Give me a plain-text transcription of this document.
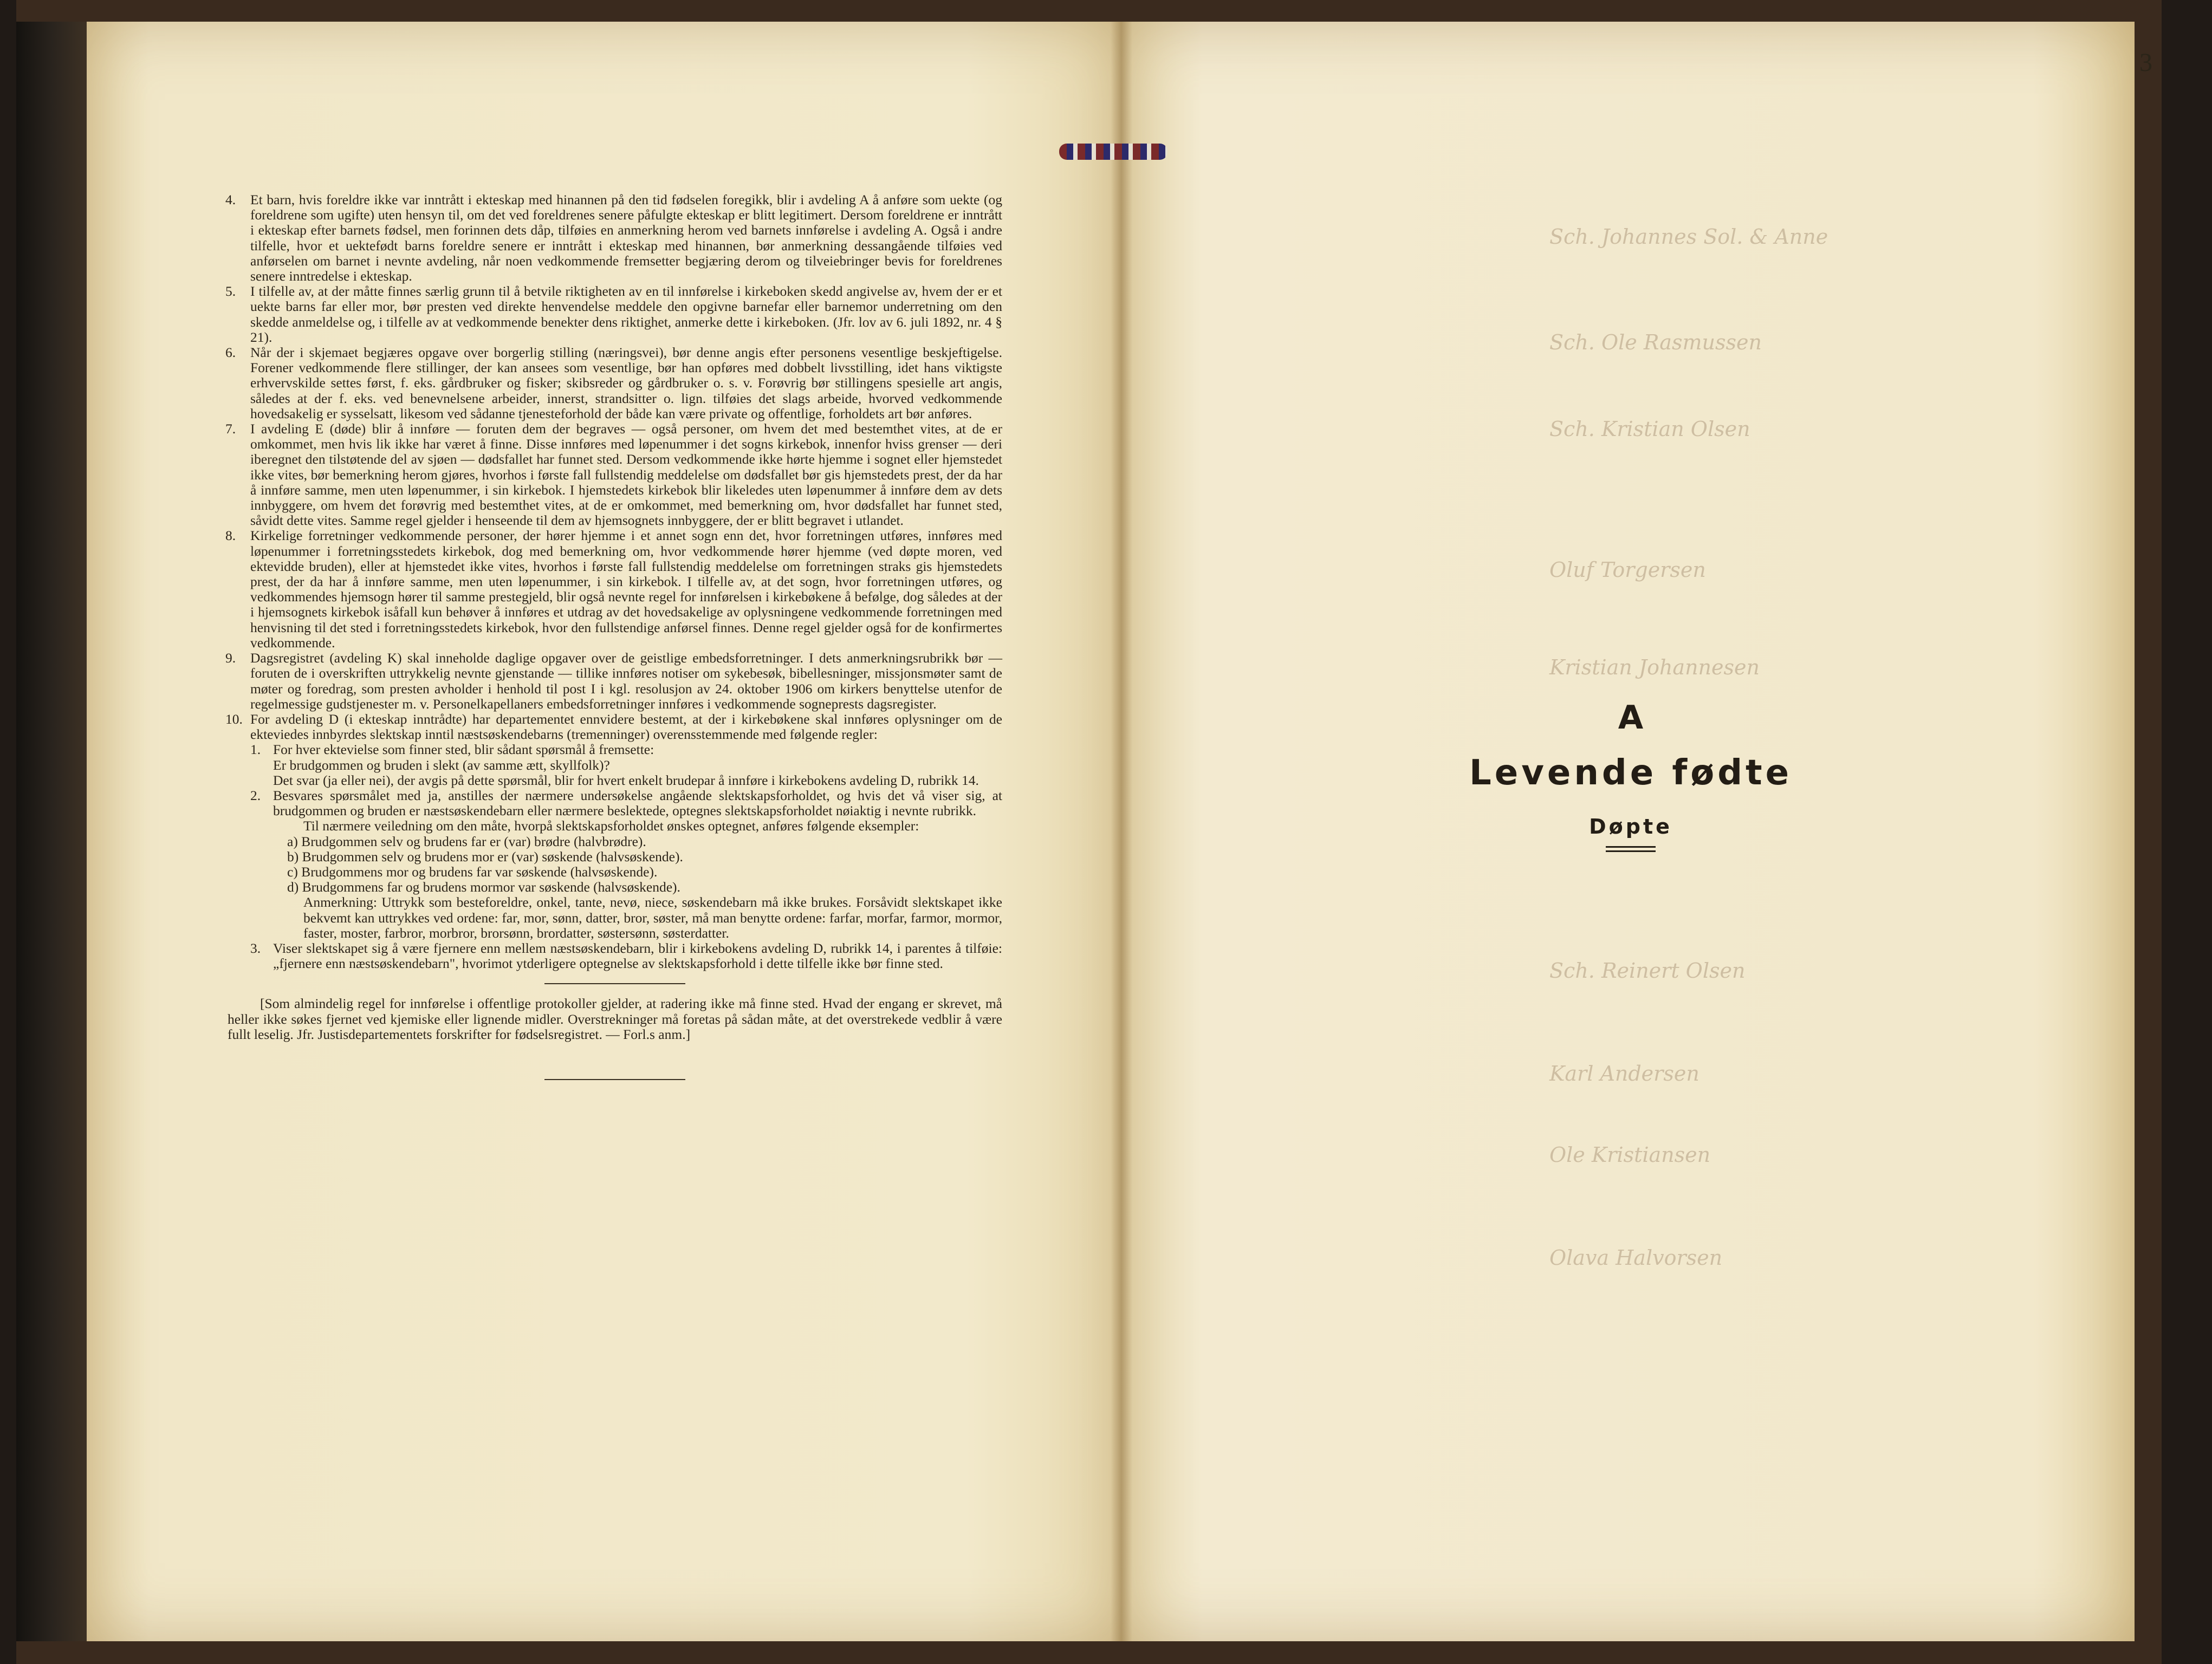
Sch. Johannes Sol. & Anne
Sch. Ole Rasmussen
Sch. Kristian Olsen
Oluf Torgersen
Kristian Johannesen
Sch. Reinert Olsen
Karl Andersen
Ole Kristiansen
Olava Halvorsen
3

4. Et barn, hvis foreldre ikke var inntrått i ekteskap med hinannen på den tid fødselen foregikk, blir i avdeling A å anføre som uekte (og foreldrene som ugifte) uten hensyn til, om det ved foreldrenes senere påfulgte ekteskap er blitt legitimert. Dersom foreldrene er inntrått i ekteskap efter barnets fødsel, men forinnen dets dåp, tilføies en anmerkning herom ved barnets innførelse i avdeling A. Også i andre tilfelle, hvor et uektefødt barns foreldre senere er inntrått i ekteskap med hinannen, bør anmerkning dessangående tilføies ved anførselen om barnet i nevnte avdeling, når noen vedkommende fremsetter begjæring derom og tilveiebringer bevis for foreldrenes senere inntredelse i ekteskap.

5. I tilfelle av, at der måtte finnes særlig grunn til å betvile riktigheten av en til innførelse i kirkeboken skedd angivelse av, hvem der er et uekte barns far eller mor, bør presten ved direkte henvendelse meddele den opgivne barnefar eller barnemor underretning om den skedde anmeldelse og, i tilfelle av at vedkommende benekter dens riktighet, anmerke dette i kirkeboken. (Jfr. lov av 6. juli 1892, nr. 4 § 21).

6. Når der i skjemaet begjæres opgave over borgerlig stilling (næringsvei), bør denne angis efter personens vesentlige beskjeftigelse. Forener vedkommende flere stillinger, der kan ansees som vesentlige, bør han opføres med dobbelt livsstilling, idet hans viktigste erhvervskilde settes først, f. eks. gårdbruker og fisker; skibsreder og gårdbruker o. s. v. Forøvrig bør stillingens spesielle art angis, således at der f. eks. ved benevnelsene arbeider, innerst, strandsitter o. lign. tilføies det slags arbeide, hvorved vedkommende hovedsakelig er sysselsatt, likesom ved sådanne tjenesteforhold der både kan være private og offentlige, forholdets art bør anføres.

7. I avdeling E (døde) blir å innføre — foruten dem der begraves — også personer, om hvem det med bestemthet vites, at de er omkommet, men hvis lik ikke har været å finne. Disse innføres med løpenummer i det sogns kirkebok, innenfor hviss grenser — deri iberegnet den tilstøtende del av sjøen — dødsfallet har funnet sted. Dersom vedkommende ikke hørte hjemme i sognet eller hjemstedet ikke vites, bør bemerkning herom gjøres, hvorhos i første fall fullstendig meddelelse om dødsfallet bør gis hjemstedets prest, der da har å innføre samme, men uten løpenummer, i sin kirkebok. I hjemstedets kirkebok blir likeledes uten løpenummer å innføre dem av dets innbyggere, om hvem det forøvrig med bestemthet vites, at de er omkommet, med bemerkning om, hvor dødsfallet har funnet sted, såvidt dette vites. Samme regel gjelder i henseende til dem av hjemsognets innbyggere, der er blitt begravet i utlandet.

8. Kirkelige forretninger vedkommende personer, der hører hjemme i et annet sogn enn det, hvor forretningen utføres, innføres med løpenummer i forretningsstedets kirkebok, dog med bemerkning om, hvor vedkommende hører hjemme (ved døpte moren, ved ektevidde bruden), eller at hjemstedet ikke vites, hvorhos i første fall fullstendig meddelelse om forretningen straks gis hjemstedets prest, der da har å innføre samme, men uten løpenummer, i sin kirkebok. I tilfelle av, at det sogn, hvor forretningen utføres, og vedkommendes hjemsogn hører til samme prestegjeld, blir også nevnte regel for innførelsen i kirkebøkene å befølge, dog således at der i hjemsognets kirkebok isåfall kun behøver å innføres et utdrag av det hovedsakelige av oplysningene vedkommende forretningen med henvisning til det sted i forretningsstedets kirkebok, hvor den fullstendige anførsel finnes. Denne regel gjelder også for de konfirmertes vedkommende.

9. Dagsregistret (avdeling K) skal inneholde daglige opgaver over de geistlige embedsforretninger. I dets anmerkningsrubrikk bør — foruten de i overskriften uttrykkelig nevnte gjenstande — tillike innføres notiser om sykebesøk, bibellesninger, missjonsmøter samt de møter og foredrag, som presten avholder i henhold til post I i kgl. resolusjon av 24. oktober 1906 om kirkers benyttelse utenfor de regelmessige gudstjenester m. v. Personelkapellaners embedsforretninger innføres i vedkommende sogneprests dagsregister.

10. For avdeling D (i ekteskap inntrådte) har departementet ennvidere bestemt, at der i kirkebøkene skal innføres oplysninger om de ekteviedes innbyrdes slektskap inntil næstsøskendebarns (tremenninger) overensstemmende med følgende regler:

1. For hver ektevielse som finner sted, blir sådant spørsmål å fremsette:

Er brudgommen og bruden i slekt (av samme ætt, skyllfolk)?

Det svar (ja eller nei), der avgis på dette spørsmål, blir for hvert enkelt brudepar å innføre i kirkebokens avdeling D, rubrikk 14.

2. Besvares spørsmålet med ja, anstilles der nærmere undersøkelse angående slektskapsforholdet, og hvis det vå viser sig, at brudgommen og bruden er næstsøskendebarn eller nærmere beslektede, optegnes slektskapsforholdet nøiaktig i nevnte rubrikk.

Til nærmere veiledning om den måte, hvorpå slektskapsforholdet ønskes optegnet, anføres følgende eksempler:

a) Brudgommen selv og brudens far er (var) brødre (halvbrødre).

b) Brudgommen selv og brudens mor er (var) søskende (halvsøskende).

c) Brudgommens mor og brudens far var søskende (halvsøskende).

d) Brudgommens far og brudens mormor var søskende (halvsøskende).

Anmerkning: Uttrykk som besteforeldre, onkel, tante, nevø, niece, søskendebarn må ikke brukes. Forsåvidt slektskapet ikke bekvemt kan uttrykkes ved ordene: far, mor, sønn, datter, bror, søster, må man benytte ordene: farfar, morfar, farmor, mormor, faster, moster, farbror, morbror, brorsønn, brordatter, søstersønn, søsterdatter.

3. Viser slektskapet sig å være fjernere enn mellem næstsøskendebarn, blir i kirkebokens avdeling D, rubrikk 14, i parentes å tilføie: „fjernere enn næstsøskendebarn", hvorimot ytderligere optegnelse av slektskapsforhold i dette tilfelle ikke bør finne sted.

[Som almindelig regel for innførelse i offentlige protokoller gjelder, at radering ikke må finne sted. Hvad der engang er skrevet, må heller ikke søkes fjernet ved kjemiske eller lignende midler. Overstrekninger må foretas på sådan måte, at det overstrekede vedblir å være fullt leselig. Jfr. Justisdepartementets forskrifter for fødselsregistret. — Forl.s anm.]

A

Levende fødte

Døpte
